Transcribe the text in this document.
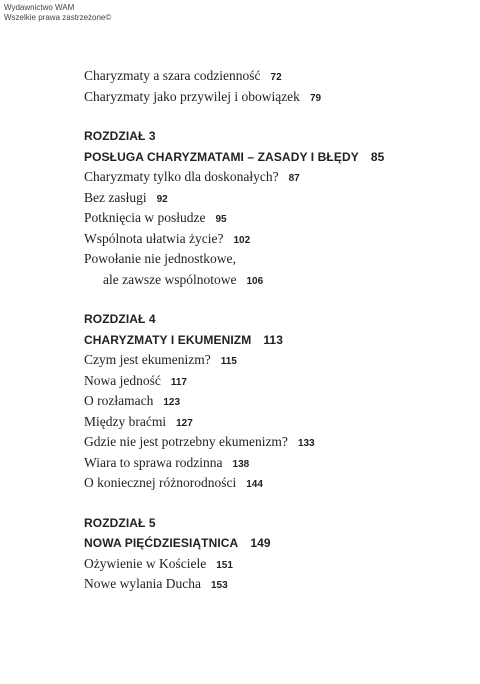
Wydawnictwo WAM
Wszelkie prawa zastrzeżone©
Charyzmaty a szara codzienność 72
Charyzmaty jako przywilej i obowiązek 79
ROZDZIAŁ 3
POSŁUGA CHARYZMATAMI – ZASADY I BŁĘDY 85
Charyzmaty tylko dla doskonałych? 87
Bez zasługi 92
Potknięcia w posłudze 95
Wspólnota ułatwia życie? 102
Powołanie nie jednostkowe,
ale zawsze wspólnotowe 106
ROZDZIAŁ 4
CHARYZMATY I EKUMENIZM 113
Czym jest ekumenizm? 115
Nowa jedność 117
O rozłamach 123
Między braćmi 127
Gdzie nie jest potrzebny ekumenizm? 133
Wiara to sprawa rodzinna 138
O koniecznej różnorodności 144
ROZDZIAŁ 5
NOWA PIĘĆDZIESIĄTNICA 149
Ożywienie w Kościele 151
Nowe wylania Ducha 153
